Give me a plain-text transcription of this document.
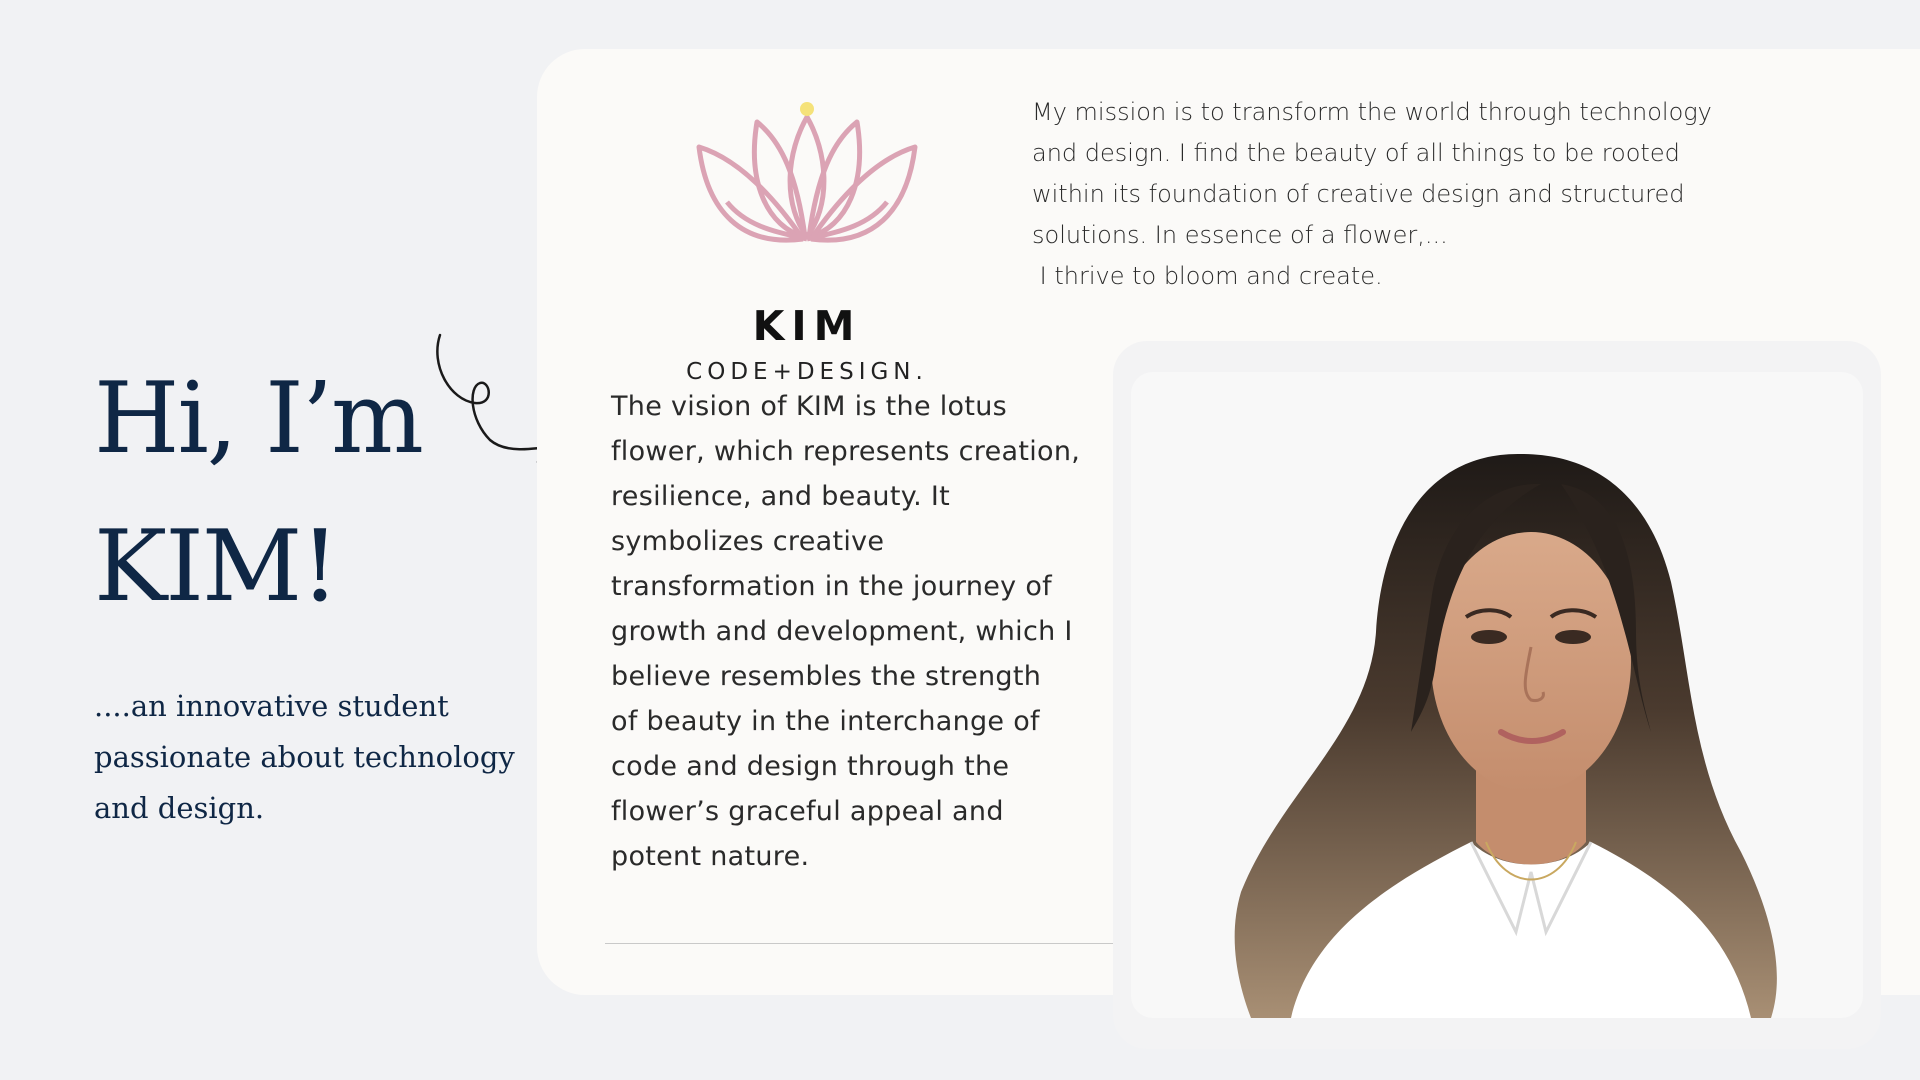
Hi, I’m
KIM!

....an innovative student
passionate about technology
and design.

KIM
CODE+DESIGN.

My mission is to transform the world through technology
and design. I find the beauty of all things to be rooted
within its foundation of creative design and structured
solutions. In essence of a flower,...
I thrive to bloom and create.

The vision of KIM is the lotus
flower, which represents creation,
resilience, and beauty. It
symbolizes creative
transformation in the journey of
growth and development, which I
believe resembles the strength
of beauty in the interchange of
code and design through the
flower’s graceful appeal and
potent nature.
